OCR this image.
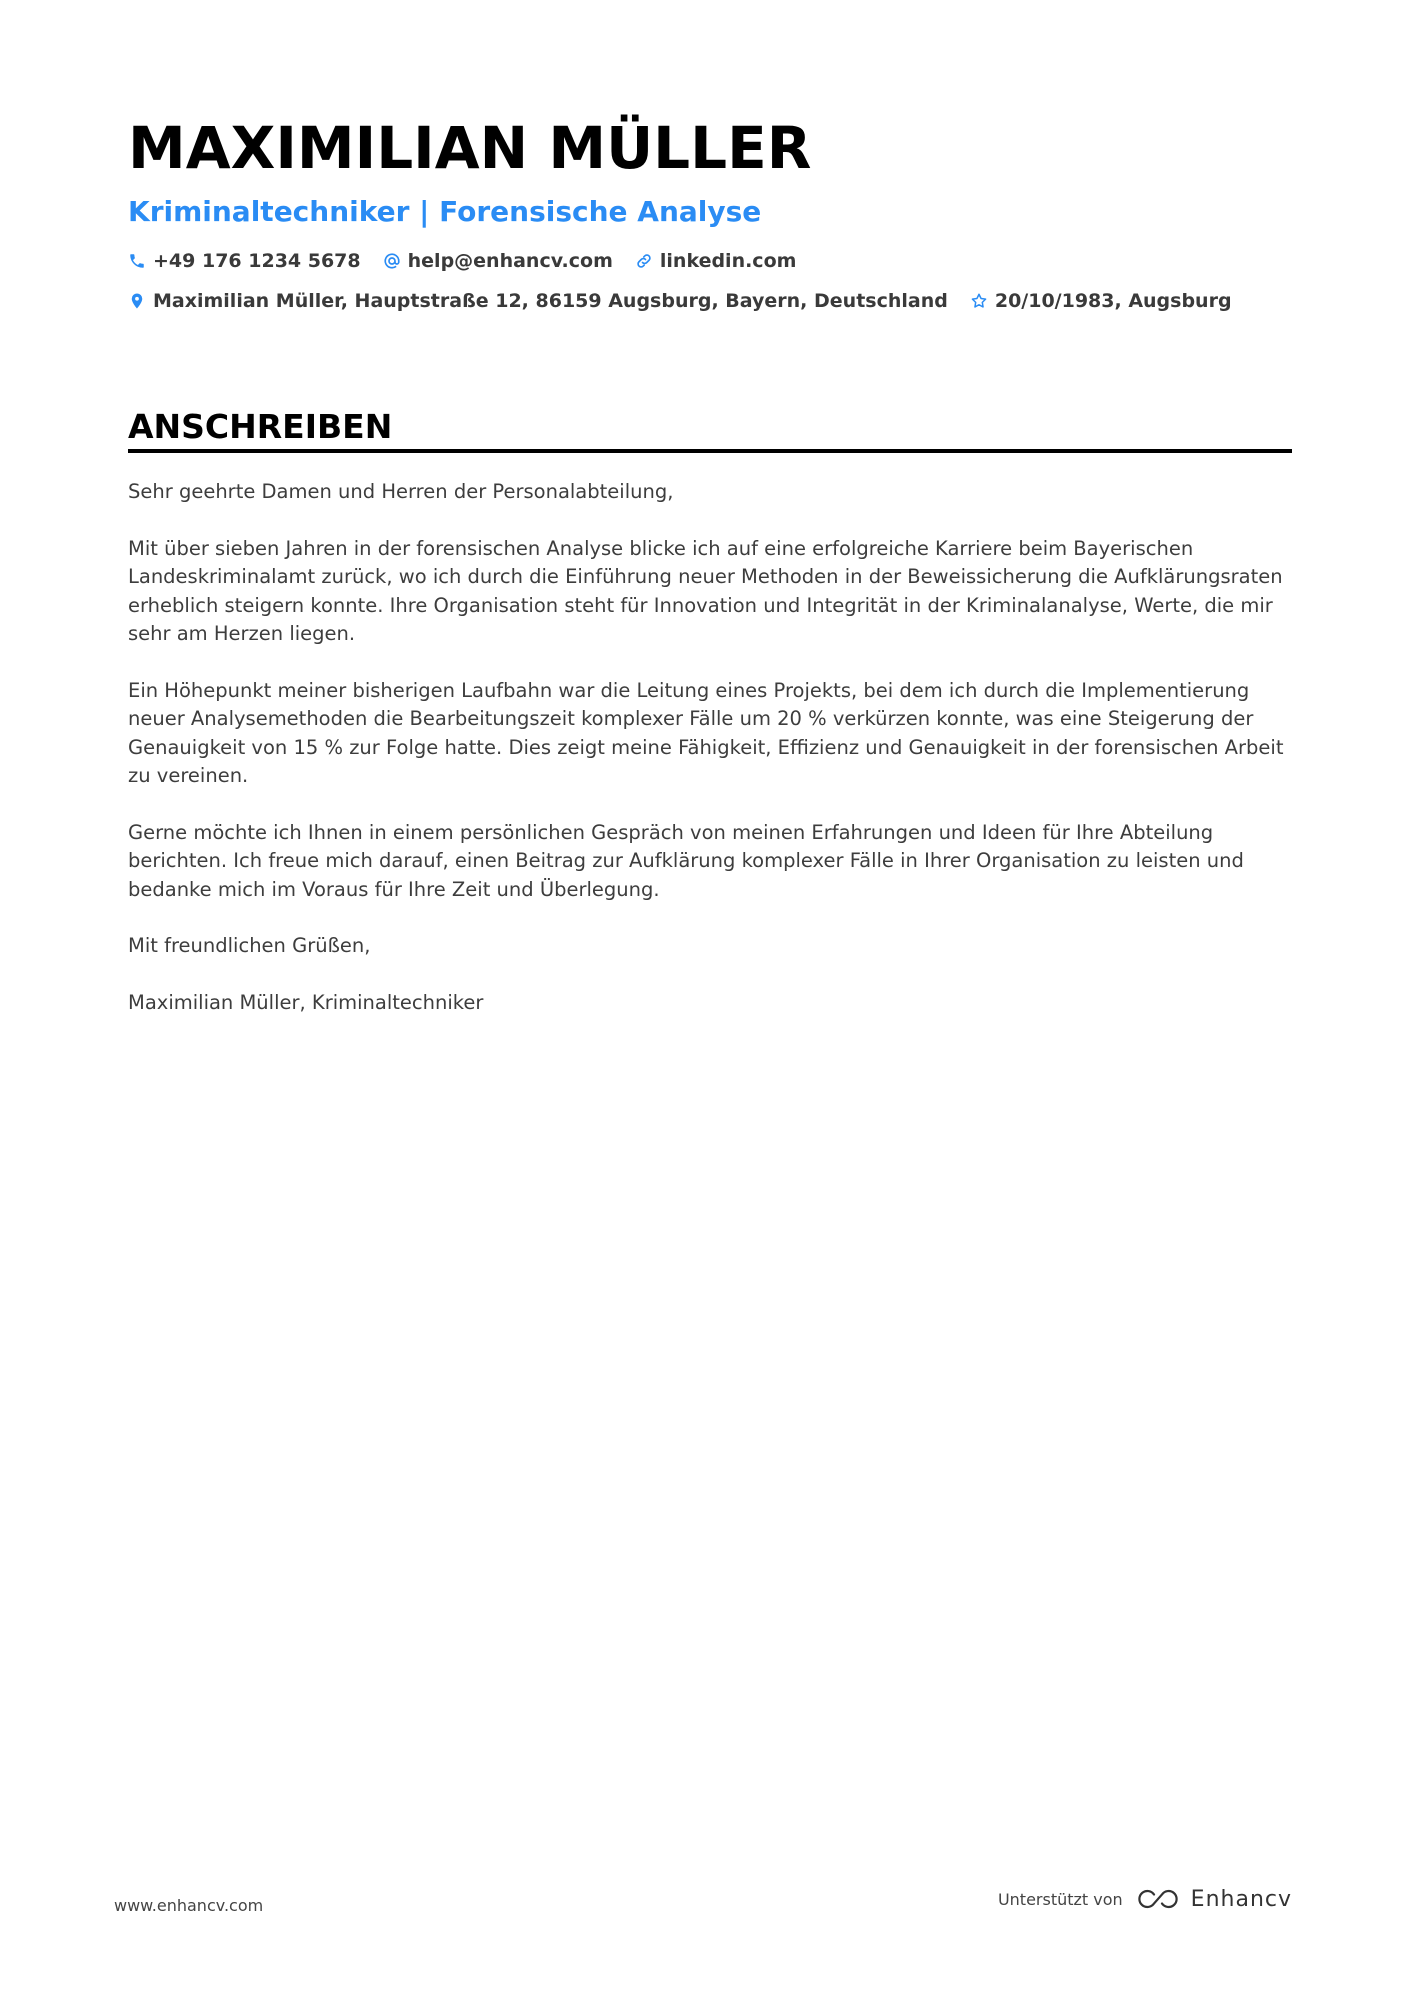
MAXIMILIAN MÜLLER
Kriminaltechniker | Forensische Analyse
+49 176 1234 5678 help@enhancv.com linkedin.com
Maximilian Müller, Hauptstraße 12, 86159 Augsburg, Bayern, Deutschland 20/10/1983, Augsburg
ANSCHREIBEN

Sehr geehrte Damen und Herren der Personalabteilung,

Mit über sieben Jahren in der forensischen Analyse blicke ich auf eine erfolgreiche Karriere beim Bayerischen Landeskriminalamt zurück, wo ich durch die Einführung neuer Methoden in der Beweissicherung die Aufklärungsraten erheblich steigern konnte. Ihre Organisation steht für Innovation und Integrität in der Kriminalanalyse, Werte, die mir sehr am Herzen liegen.

Ein Höhepunkt meiner bisherigen Laufbahn war die Leitung eines Projekts, bei dem ich durch die Implementierung neuer Analysemethoden die Bearbeitungszeit komplexer Fälle um 20 % verkürzen konnte, was eine Steigerung der Genauigkeit von 15 % zur Folge hatte. Dies zeigt meine Fähigkeit, Effizienz und Genauigkeit in der forensischen Arbeit zu vereinen.

Gerne möchte ich Ihnen in einem persönlichen Gespräch von meinen Erfahrungen und Ideen für Ihre Abteilung berichten. Ich freue mich darauf, einen Beitrag zur Aufklärung komplexer Fälle in Ihrer Organisation zu leisten und bedanke mich im Voraus für Ihre Zeit und Überlegung.

Mit freundlichen Grüßen,

Maximilian Müller, Kriminaltechniker

www.enhancv.com	Unterstützt von	Enhancv
